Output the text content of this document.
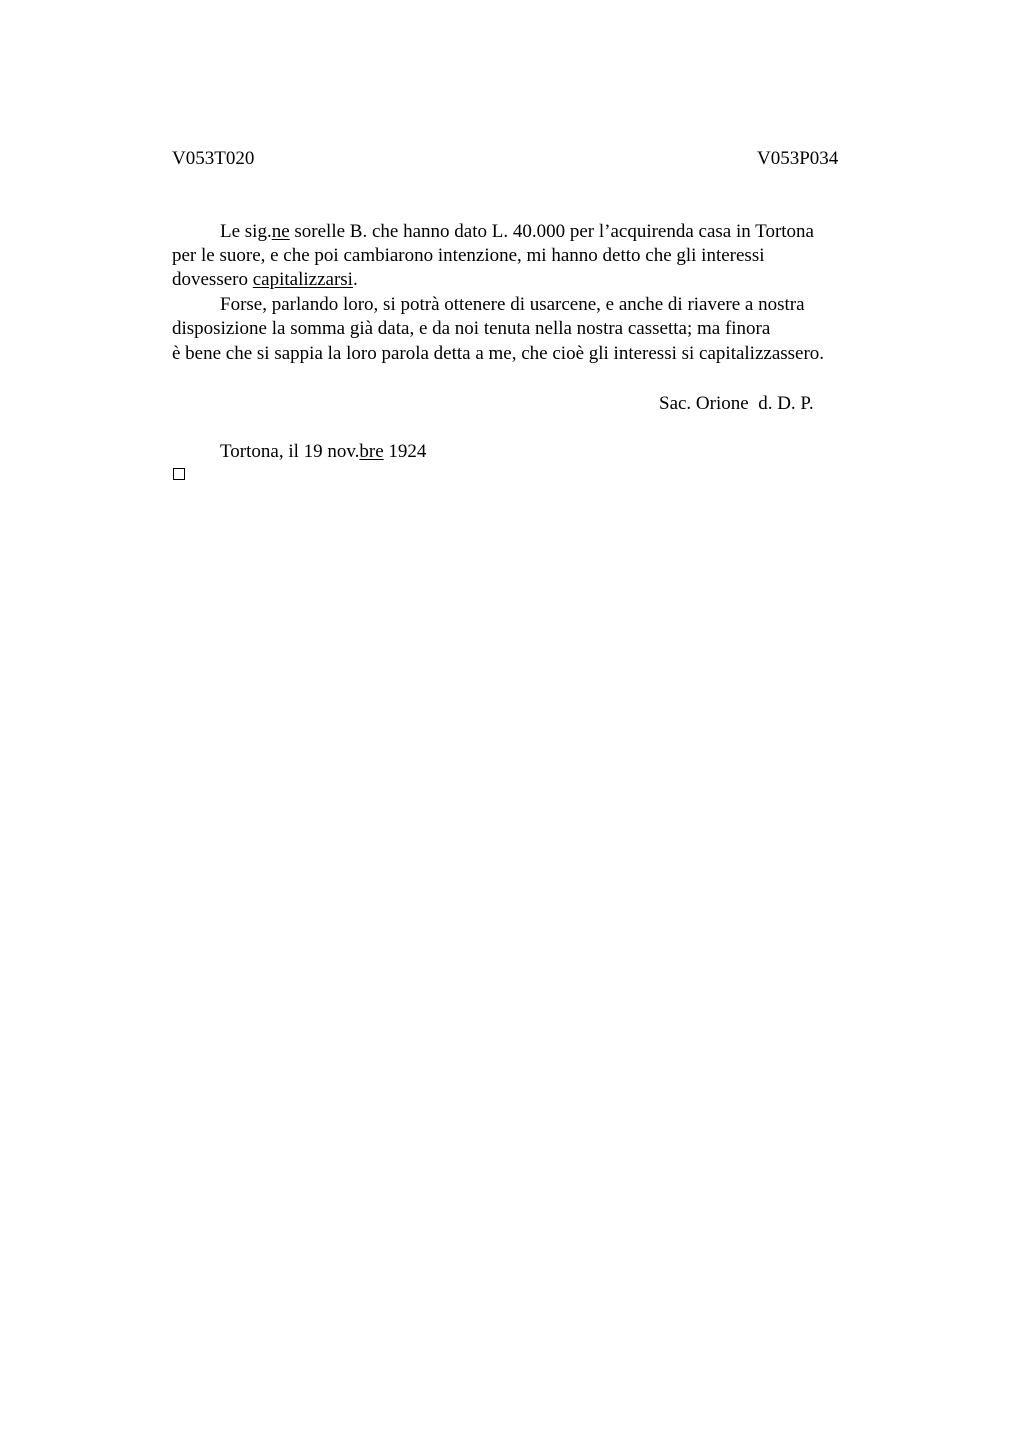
V053T020	V053P034
Le sig.ne sorelle B. che hanno dato L. 40.000 per l’acquirenda casa in Tortona
per le suore, e che poi cambiarono intenzione, mi hanno detto che gli interessi
dovessero capitalizzarsi.
Forse, parlando loro, si potrà ottenere di usarcene, e anche di riavere a nostra
disposizione la somma già data, e da noi tenuta nella nostra cassetta; ma finora
è bene che si sappia la loro parola detta a me, che cioè gli interessi si capitalizzassero.
Sac. Orione  d. D. P.
Tortona, il 19 nov.bre 1924
